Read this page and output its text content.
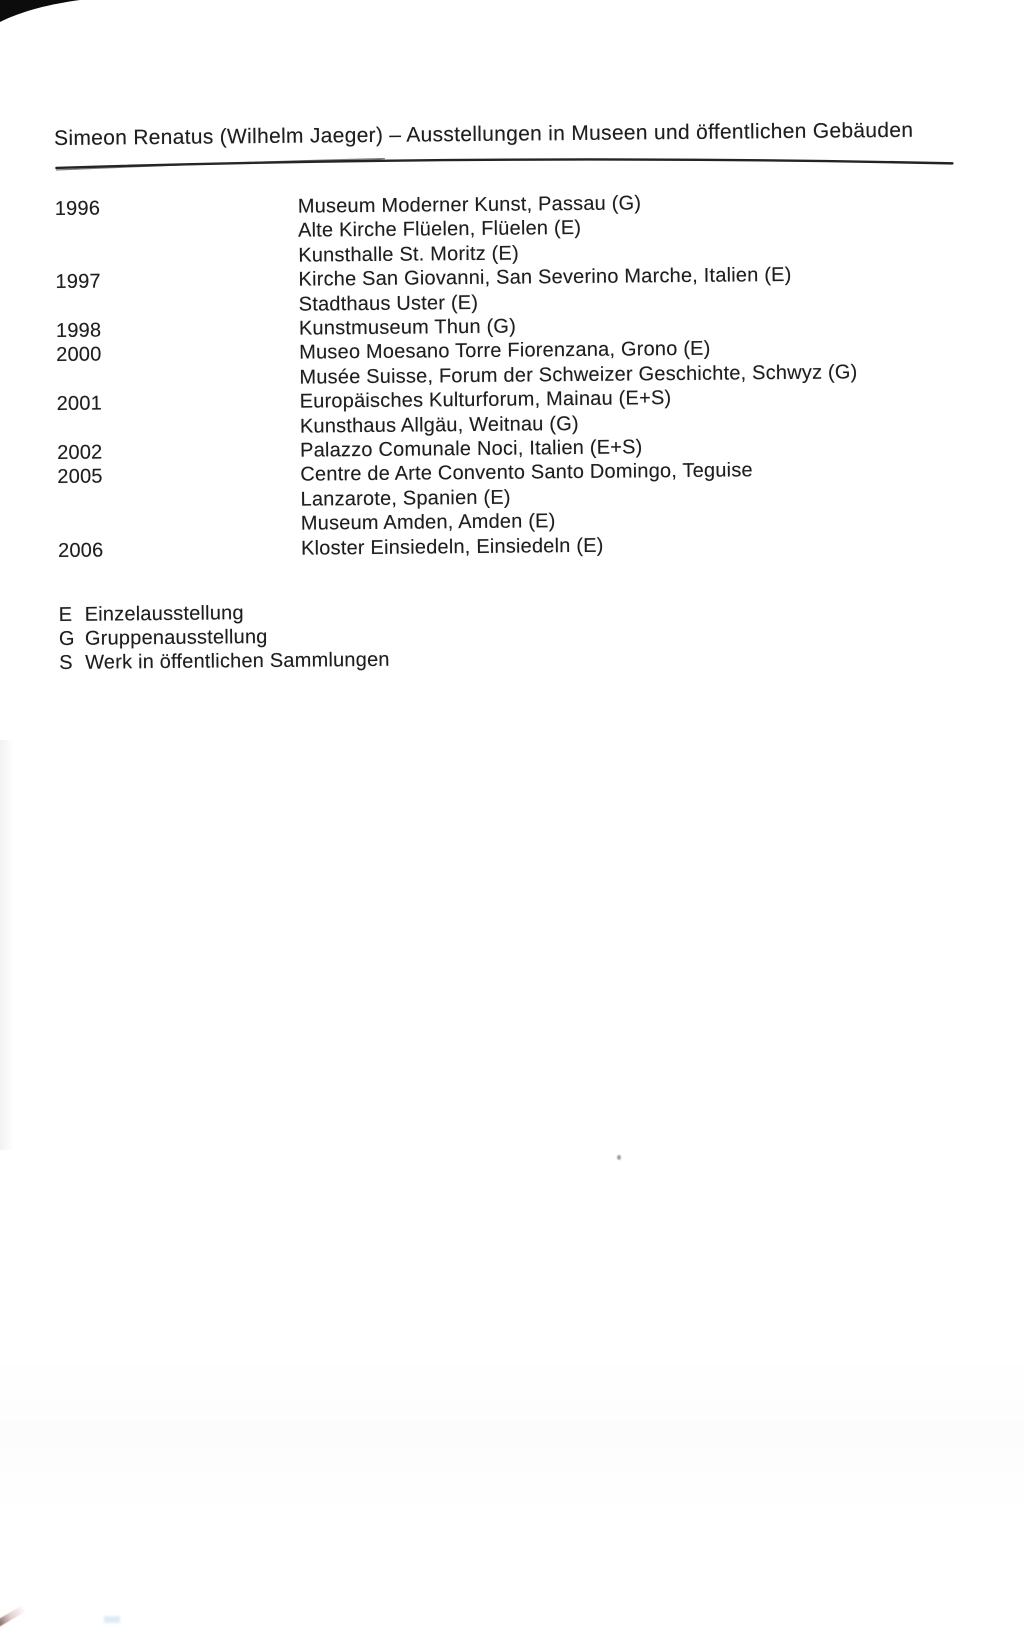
Simeon Renatus (Wilhelm Jaeger) – Ausstellungen in Museen und öffentlichen Gebäuden
1996	Museum Moderner Kunst, Passau (G)
Alte Kirche Flüelen, Flüelen (E)
Kunsthalle St. Moritz (E)
1997	Kirche San Giovanni, San Severino Marche, Italien (E)
Stadthaus Uster (E)
1998	Kunstmuseum Thun (G)
2000	Museo Moesano Torre Fiorenzana, Grono (E)
Musée Suisse, Forum der Schweizer Geschichte, Schwyz (G)
2001	Europäisches Kulturforum, Mainau (E+S)
Kunsthaus Allgäu, Weitnau (G)
2002	Palazzo Comunale Noci, Italien (E+S)
2005	Centre de Arte Convento Santo Domingo, Teguise
Lanzarote, Spanien (E)
Museum Amden, Amden (E)
2006	Kloster Einsiedeln, Einsiedeln (E)
E Einzelausstellung
G Gruppenausstellung
S Werk in öffentlichen Sammlungen
